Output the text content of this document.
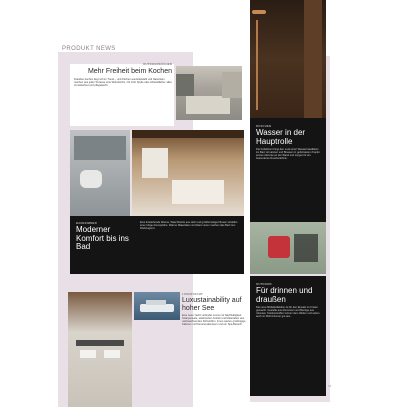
PRODUKT NEWS
OUTDOORKÜCHEN
Mehr Freiheit beim Kochen
Draußen kochen liegt voll im Trend – und Küchen aus Edelstahl und Naturstein machen aus jeder Terrasse eine Wohnküche. Ob Grill, Spüle oder Arbeitsfläche: alles ist wetterfest und pflegeleicht.
DUSCHEN
Wasser in der Hauptrolle
Die Kollektion bringt den Look einer Wasserinstallation ins Bad. Armaturen und Brausen in gebürstetem Kupfer setzen Akzente an der Wand und sorgen für ein besonderes Duscherlebnis.
BADEZIMMER
Moderner Komfort bis ins Bad
Eine freistehende Wanne, Waschtische aus Holz und großformatige Fliesen schaffen eine ruhige Atmosphäre. Warme Materialien und klare Linien machen das Bad zum Rückzugsort.
OUTDOOR
Für drinnen und draußen
Die neue Möbelkollektion ist für den Einsatz im Freien gemacht. Gestelle aus Aluminium und Bezüge aus robusten Outdoorstoffen trotzen dem Wetter und sehen auch im Wohnzimmer gut aus.
LUXUSYACHT
Luxustainability auf hoher See
Eine neue Yacht verbindet Luxus mit Nachhaltigkeit: Solarpaneele, elektrischer Antrieb und Materialien aus nachwachsenden Rohstoffen. Innen warten großzügige Kabinen mit Panoramafenstern und ein Spa-Bereich.
51
